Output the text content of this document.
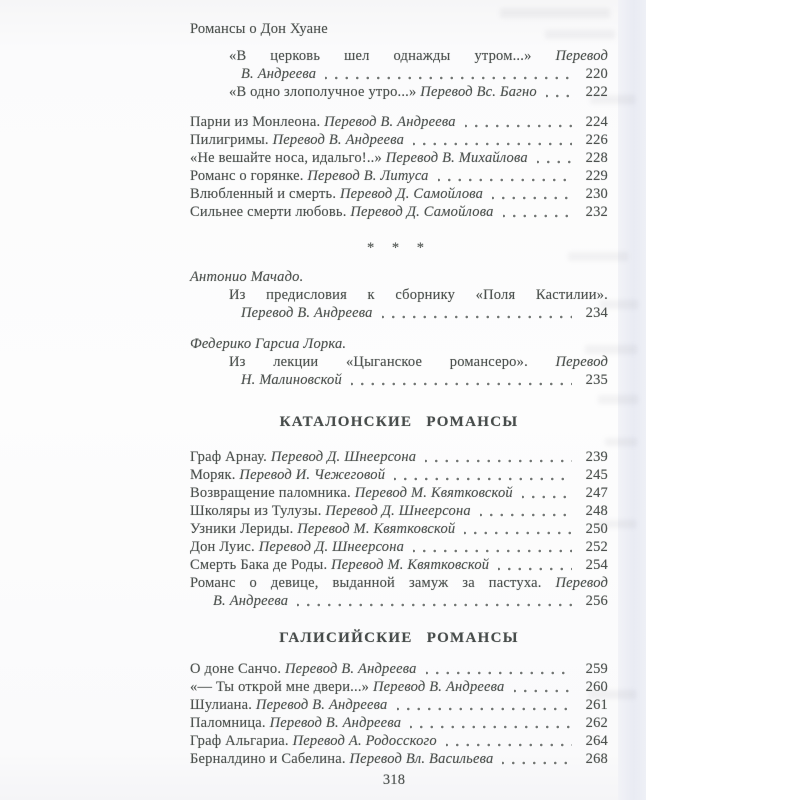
Романсы о Дон Хуане
«В церковь шел однажды утром...» Перевод
В. Андреева	220
«В одно злополучное утро...» Перевод Вс. Багно	222
Парни из Монлеона. Перевод В. Андреева	224
Пилигримы. Перевод В. Андреева	226
«Не вешайте носа, идальго!..» Перевод В. Михайлова	228
Романс о горянке. Перевод В. Литуса	229
Влюбленный и смерть. Перевод Д. Самойлова	230
Сильнее смерти любовь. Перевод Д. Самойлова	232
* * *
Антонио Мачадо.
Из предисловия к сборнику «Поля Кастилии».
Перевод В. Андреева	234
Федерико Гарсиа Лорка.
Из лекции «Цыганское романсеро». Перевод
Н. Малиновской	235
КАТАЛОНСКИЕ РОМАНСЫ
Граф Арнау. Перевод Д. Шнеерсона	239
Моряк. Перевод И. Чежеговой	245
Возвращение паломника. Перевод М. Квятковской	247
Школяры из Тулузы. Перевод Д. Шнеерсона	248
Узники Лериды. Перевод М. Квятковской	250
Дон Луис. Перевод Д. Шнеерсона	252
Смерть Бака де Роды. Перевод М. Квятковской	254
Романс о девице, выданной замуж за пастуха. Перевод
В. Андреева	256
ГАЛИСИЙСКИЕ РОМАНСЫ
О доне Санчо. Перевод В. Андреева	259
«— Ты открой мне двери...» Перевод В. Андреева	260
Шулиана. Перевод В. Андреева	261
Паломница. Перевод В. Андреева	262
Граф Альгариа. Перевод А. Родосского	264
Берналдино и Сабелина. Перевод Вл. Васильева	268
318
